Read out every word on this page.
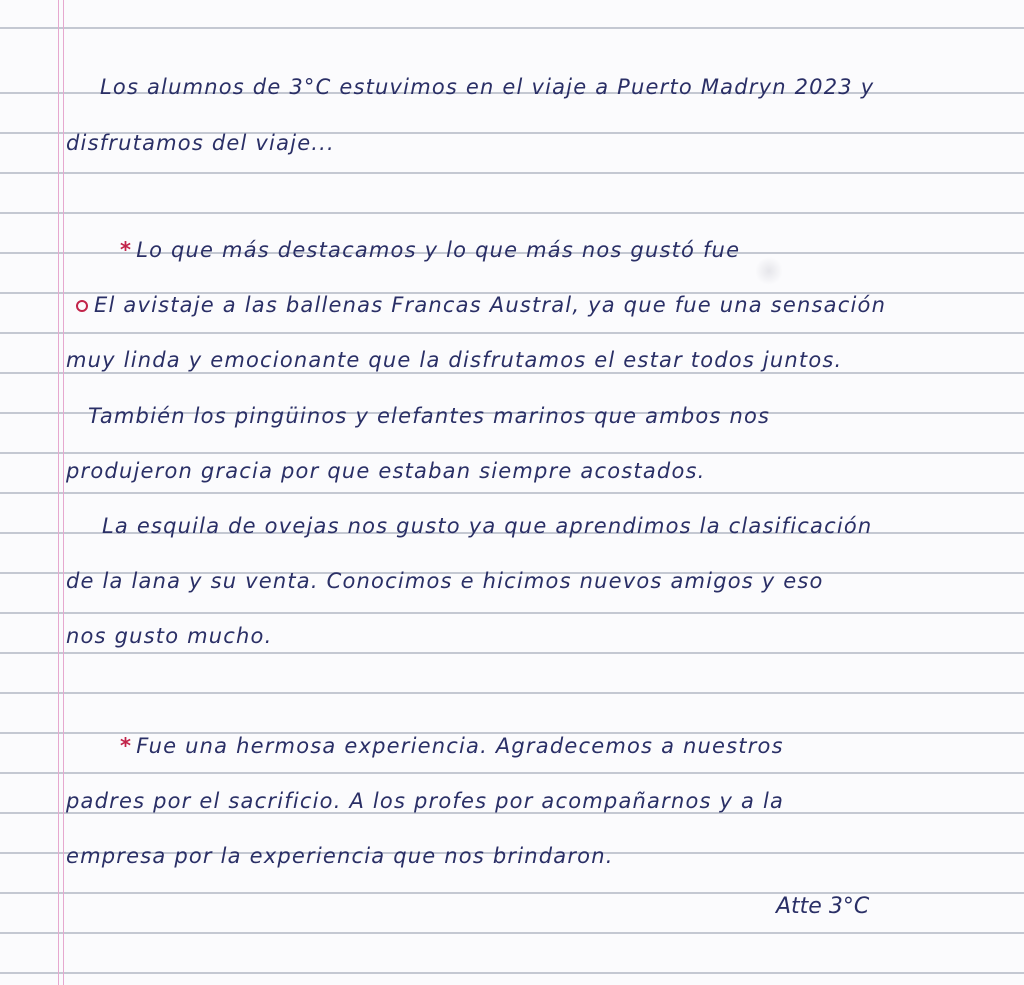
Los alumnos de 3°C estuvimos en el viaje a Puerto Madryn 2023 y

disfrutamos del viaje...

* Lo que más destacamos y lo que más nos gustó fue

El avistaje a las ballenas Francas Austral, ya que fue una sensación

muy linda y emocionante que la disfrutamos el estar todos juntos.

También los pingüinos y elefantes marinos que ambos nos

produjeron gracia por que estaban siempre acostados.

La esquila de ovejas nos gusto ya que aprendimos la clasificación

de la lana y su venta. Conocimos e hicimos nuevos amigos y eso

nos gusto mucho.

* Fue una hermosa experiencia. Agradecemos a nuestros

padres por el sacrificio. A los profes por acompañarnos y a la

empresa por la experiencia que nos brindaron.

Atte 3°C
